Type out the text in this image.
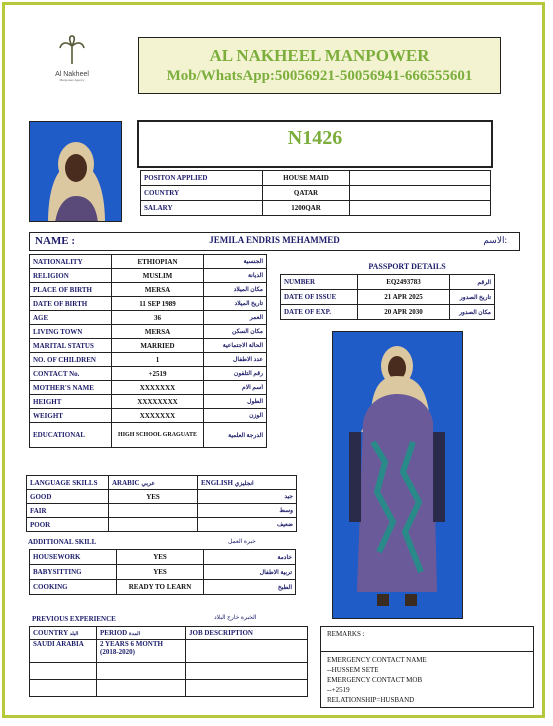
Al Nakheel
Manpower Agency
AL NAKHEEL MANPOWER
Mob/WhatsApp:50056921-50056941-666555601
N1426
POSITON APPLIED	HOUSE MAID	
COUNTRY	QATAR	
SALARY	1200QAR	
NAME :	JEMILA ENDRIS MEHAMMED	الاسم:
NATIONALITY	ETHIOPIAN	الجنسية
RELIGION	MUSLIM	الديانة
PLACE OF BIRTH	MERSA	مكان الميلاد
DATE OF BIRTH	11 SEP 1989	تاريخ الميلاد
AGE	36	العمر
LIVING TOWN	MERSA	مكان السكن
MARITAL STATUS	MARRIED	الحالة الاجتماعية
NO. OF CHILDREN	1	عدد الاطفال
CONTACT No.	+2519	رقم التلفون
MOTHER'S NAME	XXXXXXX	اسم الام
HEIGHT	XXXXXXXX	الطول
WEIGHT	XXXXXXX	الوزن
EDUCATIONAL	HIGH SCHOOL GRAGUATE	الدرجة العلمية
PASSPORT DETAILS
NUMBER	EQ2493783	الرقم
DATE OF ISSUE	21 APR 2025	تاريخ الصدور
DATE OF EXP.	20 APR 2030	مكان الصدور
LANGUAGE SKILLS	ARABIC عربي	ENGLISH انجليزي
GOOD	YES	جيد
FAIR		وسط
POOR		ضعيف
ADDITIONAL SKILL	خبرة العمل
HOUSEWORK	YES	خادمة
BABYSITTING	YES	تربية الاطفال
COOKING	READY TO LEARN	الطبخ
PREVIOUS EXPERIENCE	الخبرة خارج البلاد
COUNTRY البلد	PERIOD المدة	JOB DESCRIPTION
SAUDI ARABIA	2 YEARS 6 MONTH (2018-2020)	

REMARKS :
EMERGENCY CONTACT NAME
--HUSSEM SETE
EMERGENCY CONTACT MOB
--+2519
RELATIONSHIP=HUSBAND
